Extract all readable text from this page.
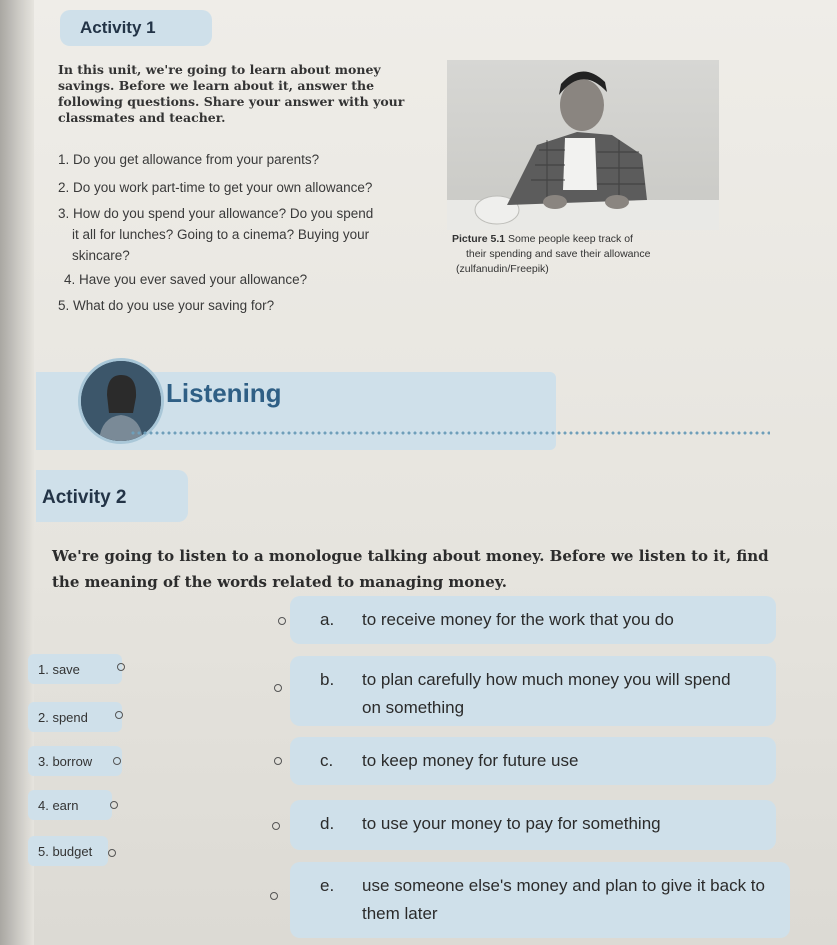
Activity 1
In this unit, we're going to learn about money savings. Before we learn about it, answer the following questions. Share your answer with your classmates and teacher.
1. Do you get allowance from your parents?
2. Do you work part-time to get your own allowance?
3. How do you spend your allowance? Do you spend
it all for lunches? Going to a cinema? Buying your
skincare?
4. Have you ever saved your allowance?
5. What do you use your saving for?
Picture 5.1 Some people keep track of
their spending and save their allowance
(zulfanudin/Freepik)
Listening
Activity 2
We're going to listen to a monologue talking about money. Before we listen to it, find the meaning of the words related to managing money.
1. save
2. spend
3. borrow
4. earn
5. budget
a. to receive money for the work that you do
b. to plan carefully how much money you will spend on something
c. to keep money for future use
d. to use your money to pay for something
e. use someone else's money and plan to give it back to them later
